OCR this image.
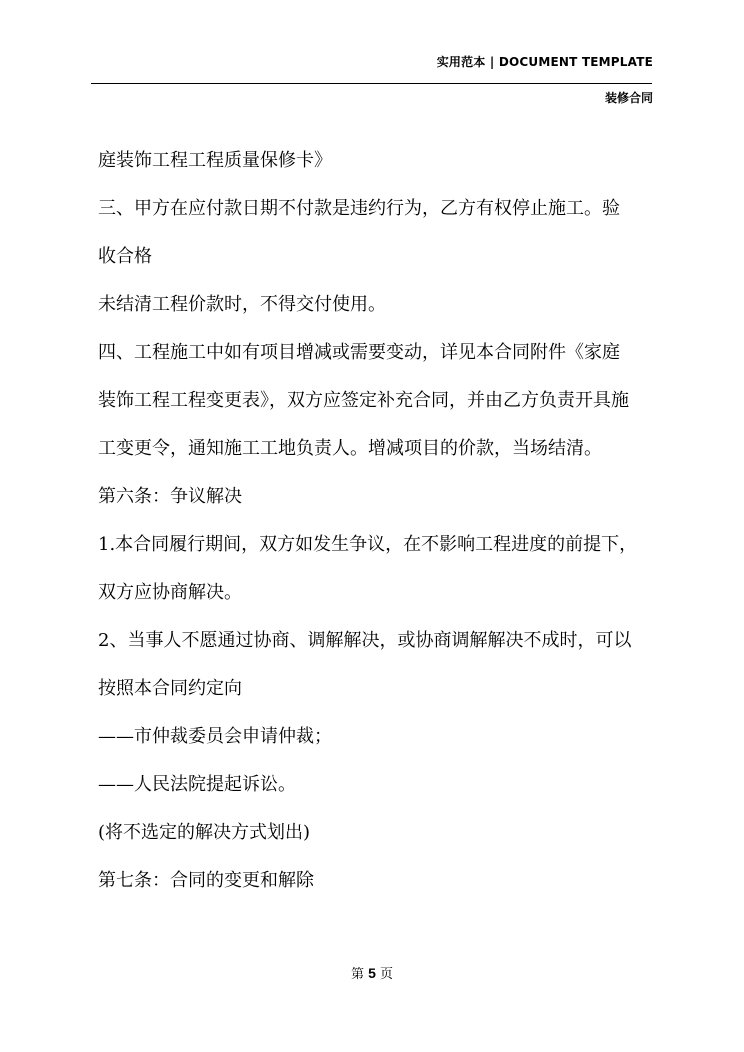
实用范本 | DOCUMENT TEMPLATE
装修合同
庭装饰工程工程质量保修卡》
三、甲方在应付款日期不付款是违约行为，乙方有权停止施工。验
收合格
未结清工程价款时，不得交付使用。
四、工程施工中如有项目增减或需要变动，详见本合同附件《家庭
装饰工程工程变更表》，双方应签定补充合同，并由乙方负责开具施
工变更令，通知施工工地负责人。增减项目的价款，当场结清。
第六条：争议解决
1.本合同履行期间，双方如发生争议，在不影响工程进度的前提下，
双方应协商解决。
2、当事人不愿通过协商、调解解决，或协商调解解决不成时，可以
按照本合同约定向
——市仲裁委员会申请仲裁；
——人民法院提起诉讼。
(将不选定的解决方式划出)
第七条：合同的变更和解除
第 5 页
